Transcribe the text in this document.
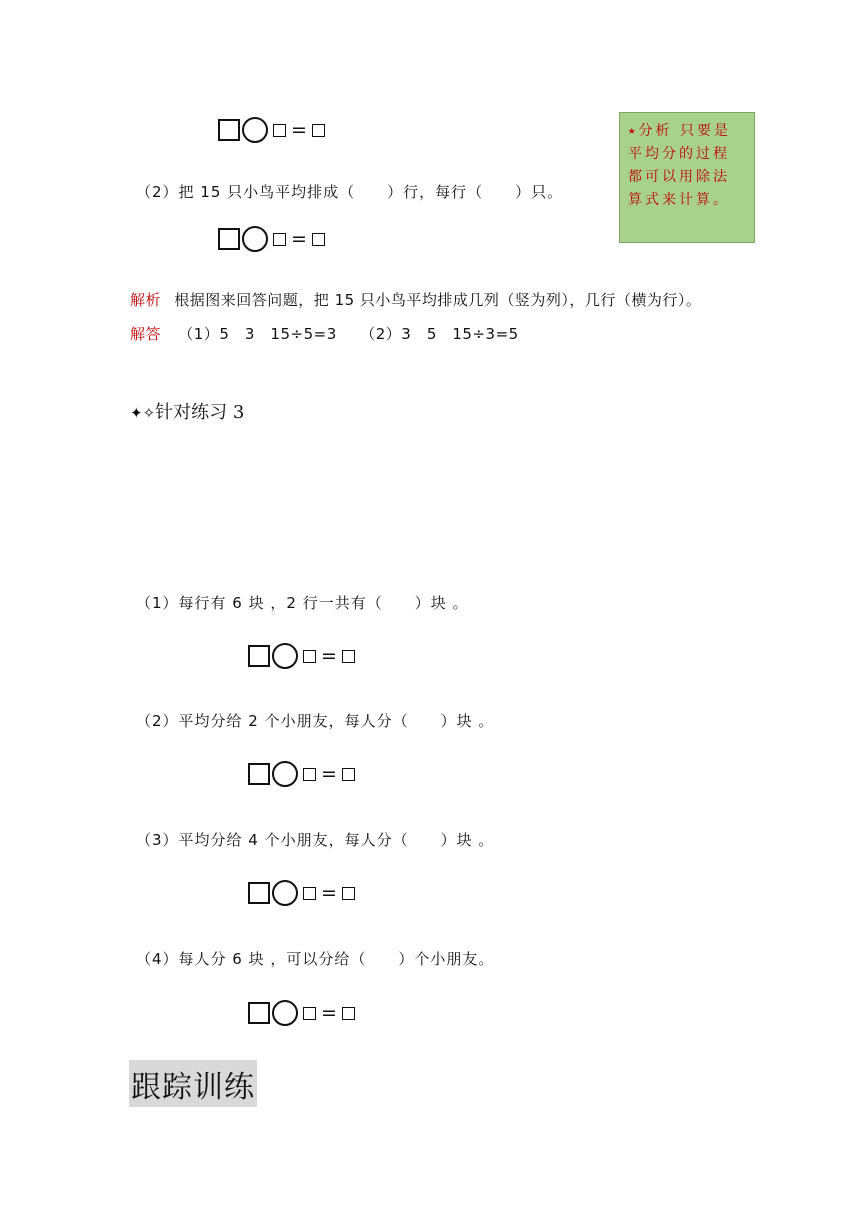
=
（2）把 15 只小鸟平均排成（　　）行，每行（　　）只。
=
⭑分析 只要是平均分的过程都可以用除法算式来计算。
解析 根据图来回答问题，把 15 只小鸟平均排成几列（竖为列），几行（横为行）。
解答 （1）5　3　15÷5=3　　（2）3　5　15÷3=5
✦✧针对练习 3
（1）每行有 6 块 ，2 行一共有（　　）块 。
=
（2）平均分给 2 个小朋友，每人分（　　）块 。
=
（3）平均分给 4 个小朋友，每人分（　　）块 。
=
（4）每人分 6 块 ，可以分给（　　）个小朋友。
=
跟踪训练
